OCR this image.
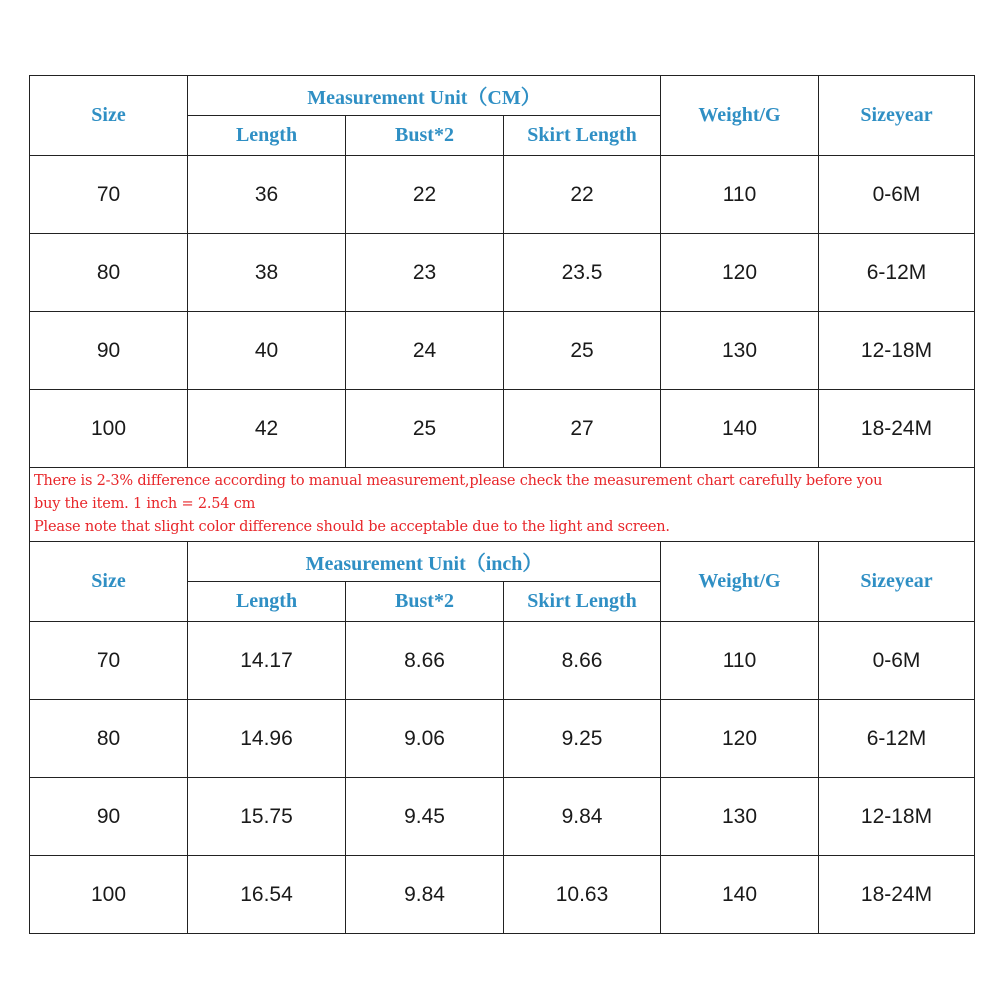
Size	Measurement Unit（CM）			Weight/G	Sizeyear
	Length	Bust*2	Skirt Length		
70	36	22	22	110	0-6M
80	38	23	23.5	120	6-12M
90	40	24	25	130	12-18M
100	42	25	27	140	18-24M

There is 2-3% difference according to manual measurement,please check the measurement chart carefully before you
buy the item. 1 inch = 2.54 cm
Please note that slight color difference should be acceptable due to the light and screen.					

Size	Measurement Unit（inch）			Weight/G	Sizeyear
	Length	Bust*2	Skirt Length		
70	14.17	8.66	8.66	110	0-6M
80	14.96	9.06	9.25	120	6-12M
90	15.75	9.45	9.84	130	12-18M
100	16.54	9.84	10.63	140	18-24M
